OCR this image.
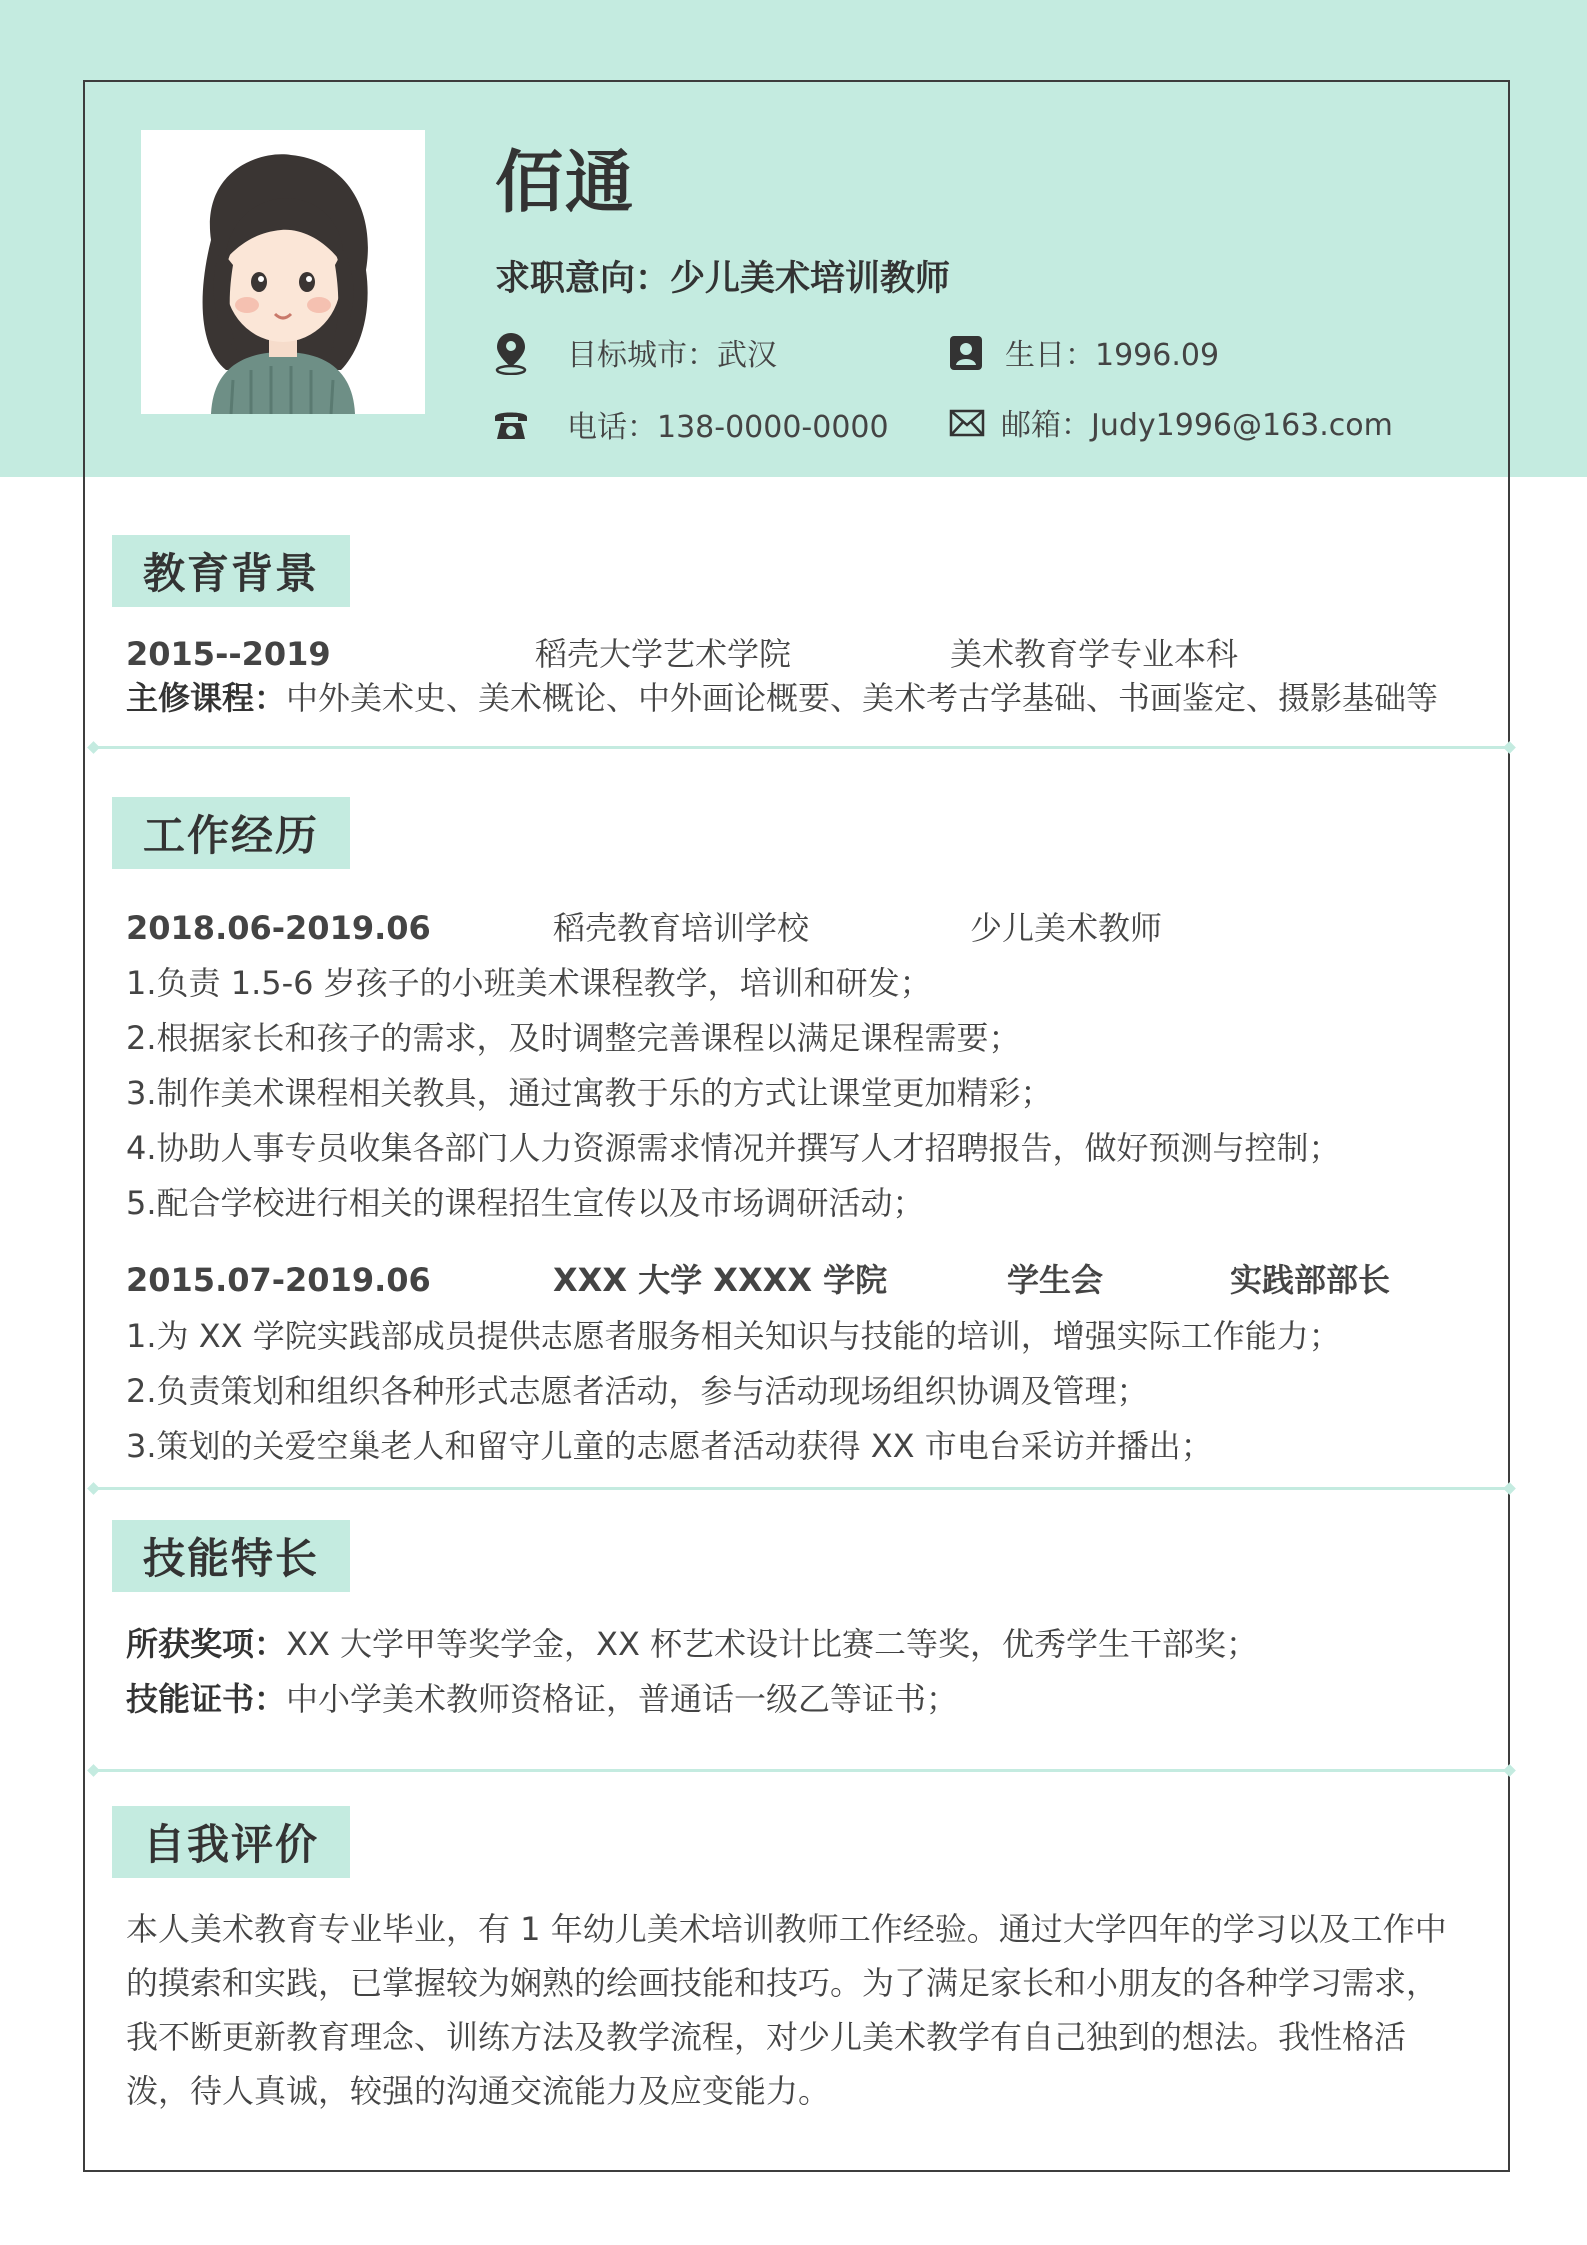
佰通
求职意向：少儿美术培训教师
目标城市：武汉	生日：1996.09
电话：138-0000-0000	邮箱：Judy1996@163.com
教育背景
2015--2019	稻壳大学艺术学院	美术教育学专业本科
主修课程：中外美术史、美术概论、中外画论概要、美术考古学基础、书画鉴定、摄影基础等
工作经历
2018.06-2019.06	稻壳教育培训学校	少儿美术教师
1.负责 1.5-6 岁孩子的小班美术课程教学，培训和研发；
2.根据家长和孩子的需求，及时调整完善课程以满足课程需要；
3.制作美术课程相关教具，通过寓教于乐的方式让课堂更加精彩；
4.协助人事专员收集各部门人力资源需求情况并撰写人才招聘报告，做好预测与控制；
5.配合学校进行相关的课程招生宣传以及市场调研活动；
2015.07-2019.06	XXX 大学 XXXX 学院	学生会	实践部部长
1.为 XX 学院实践部成员提供志愿者服务相关知识与技能的培训，增强实际工作能力；
2.负责策划和组织各种形式志愿者活动，参与活动现场组织协调及管理；
3.策划的关爱空巢老人和留守儿童的志愿者活动获得 XX 市电台采访并播出；
技能特长
所获奖项：XX 大学甲等奖学金，XX 杯艺术设计比赛二等奖，优秀学生干部奖；
技能证书：中小学美术教师资格证，普通话一级乙等证书；
自我评价
本人美术教育专业毕业，有 1 年幼儿美术培训教师工作经验。通过大学四年的学习以及工作中的摸索和实践，已掌握较为娴熟的绘画技能和技巧。为了满足家长和小朋友的各种学习需求，我不断更新教育理念、训练方法及教学流程，对少儿美术教学有自己独到的想法。我性格活泼，待人真诚，较强的沟通交流能力及应变能力。
